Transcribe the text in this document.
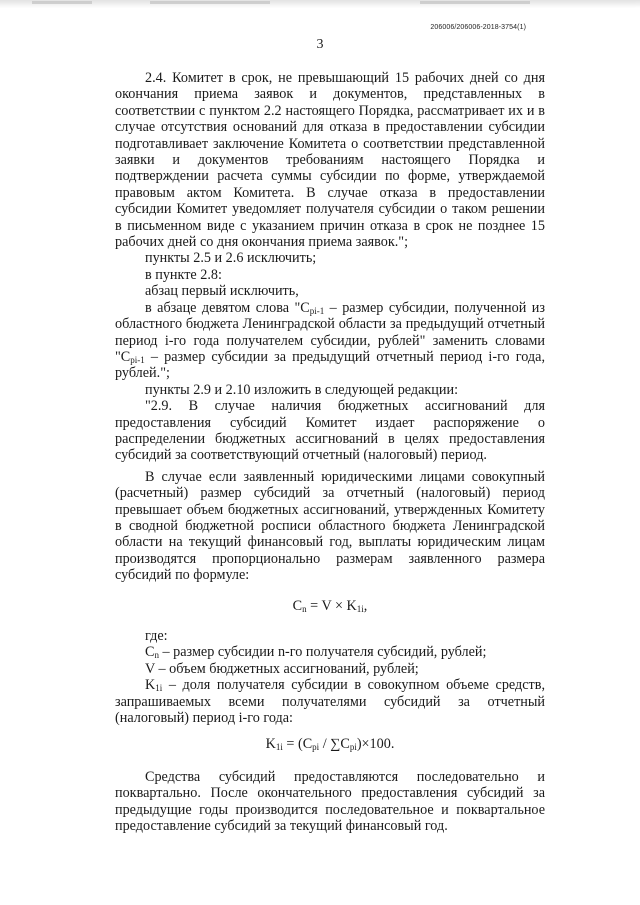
206006/206006-2018-3754(1)
3

2.4. Комитет в срок, не превышающий 15 рабочих дней со дня окончания приема заявок и документов, представленных в соответствии с пунктом 2.2 настоящего Порядка, рассматривает их и в случае отсутствия оснований для отказа в предоставлении субсидии подготавливает заключение Комитета о соответствии представленной заявки и документов требованиям настоящего Порядка и подтверждении расчета суммы субсидии по форме, утверждаемой правовым актом Комитета. В случае отказа в предоставлении субсидии Комитет уведомляет получателя субсидии о таком решении в письменном виде с указанием причин отказа в срок не позднее 15 рабочих дней со дня окончания приема заявок.";

пункты 2.5 и 2.6 исключить;

в пункте 2.8:

абзац первый исключить,

в абзаце девятом слова "$C_{pi-1}$ – размер субсидии, полученной из областного бюджета Ленинградской области за предыдущий отчетный период i-го года получателем субсидии, рублей" заменить словами "$C_{pi-1}$ – размер субсидии за предыдущий отчетный период i-го года, рублей.";

пункты 2.9 и 2.10 изложить в следующей редакции:

"2.9. В случае наличия бюджетных ассигнований для предоставления субсидий Комитет издает распоряжение о распределении бюджетных ассигнований в целях предоставления субсидий за соответствующий отчетный (налоговый) период.

В случае если заявленный юридическими лицами совокупный (расчетный) размер субсидий за отчетный (налоговый) период превышает объем бюджетных ассигнований, утвержденных Комитету в сводной бюджетной росписи областного бюджета Ленинградской области на текущий финансовый год, выплаты юридическим лицам производятся пропорционально размерам заявленного размера субсидий по формуле:

$C_n = V \times K_{1i}$,

где:

$C_n$ – размер субсидии n-го получателя субсидий, рублей;

V – объем бюджетных ассигнований, рублей;

$K_{1i}$ – доля получателя субсидии в совокупном объеме средств, запрашиваемых всеми получателями субсидий за отчетный (налоговый) период i-го года:

$K_{1i} = (C_{pi} / \sum C_{pi})\times 100$.

Средства субсидий предоставляются последовательно и поквартально. После окончательного предоставления субсидий за предыдущие годы производится последовательное и поквартальное предоставление субсидий за текущий финансовый год.
